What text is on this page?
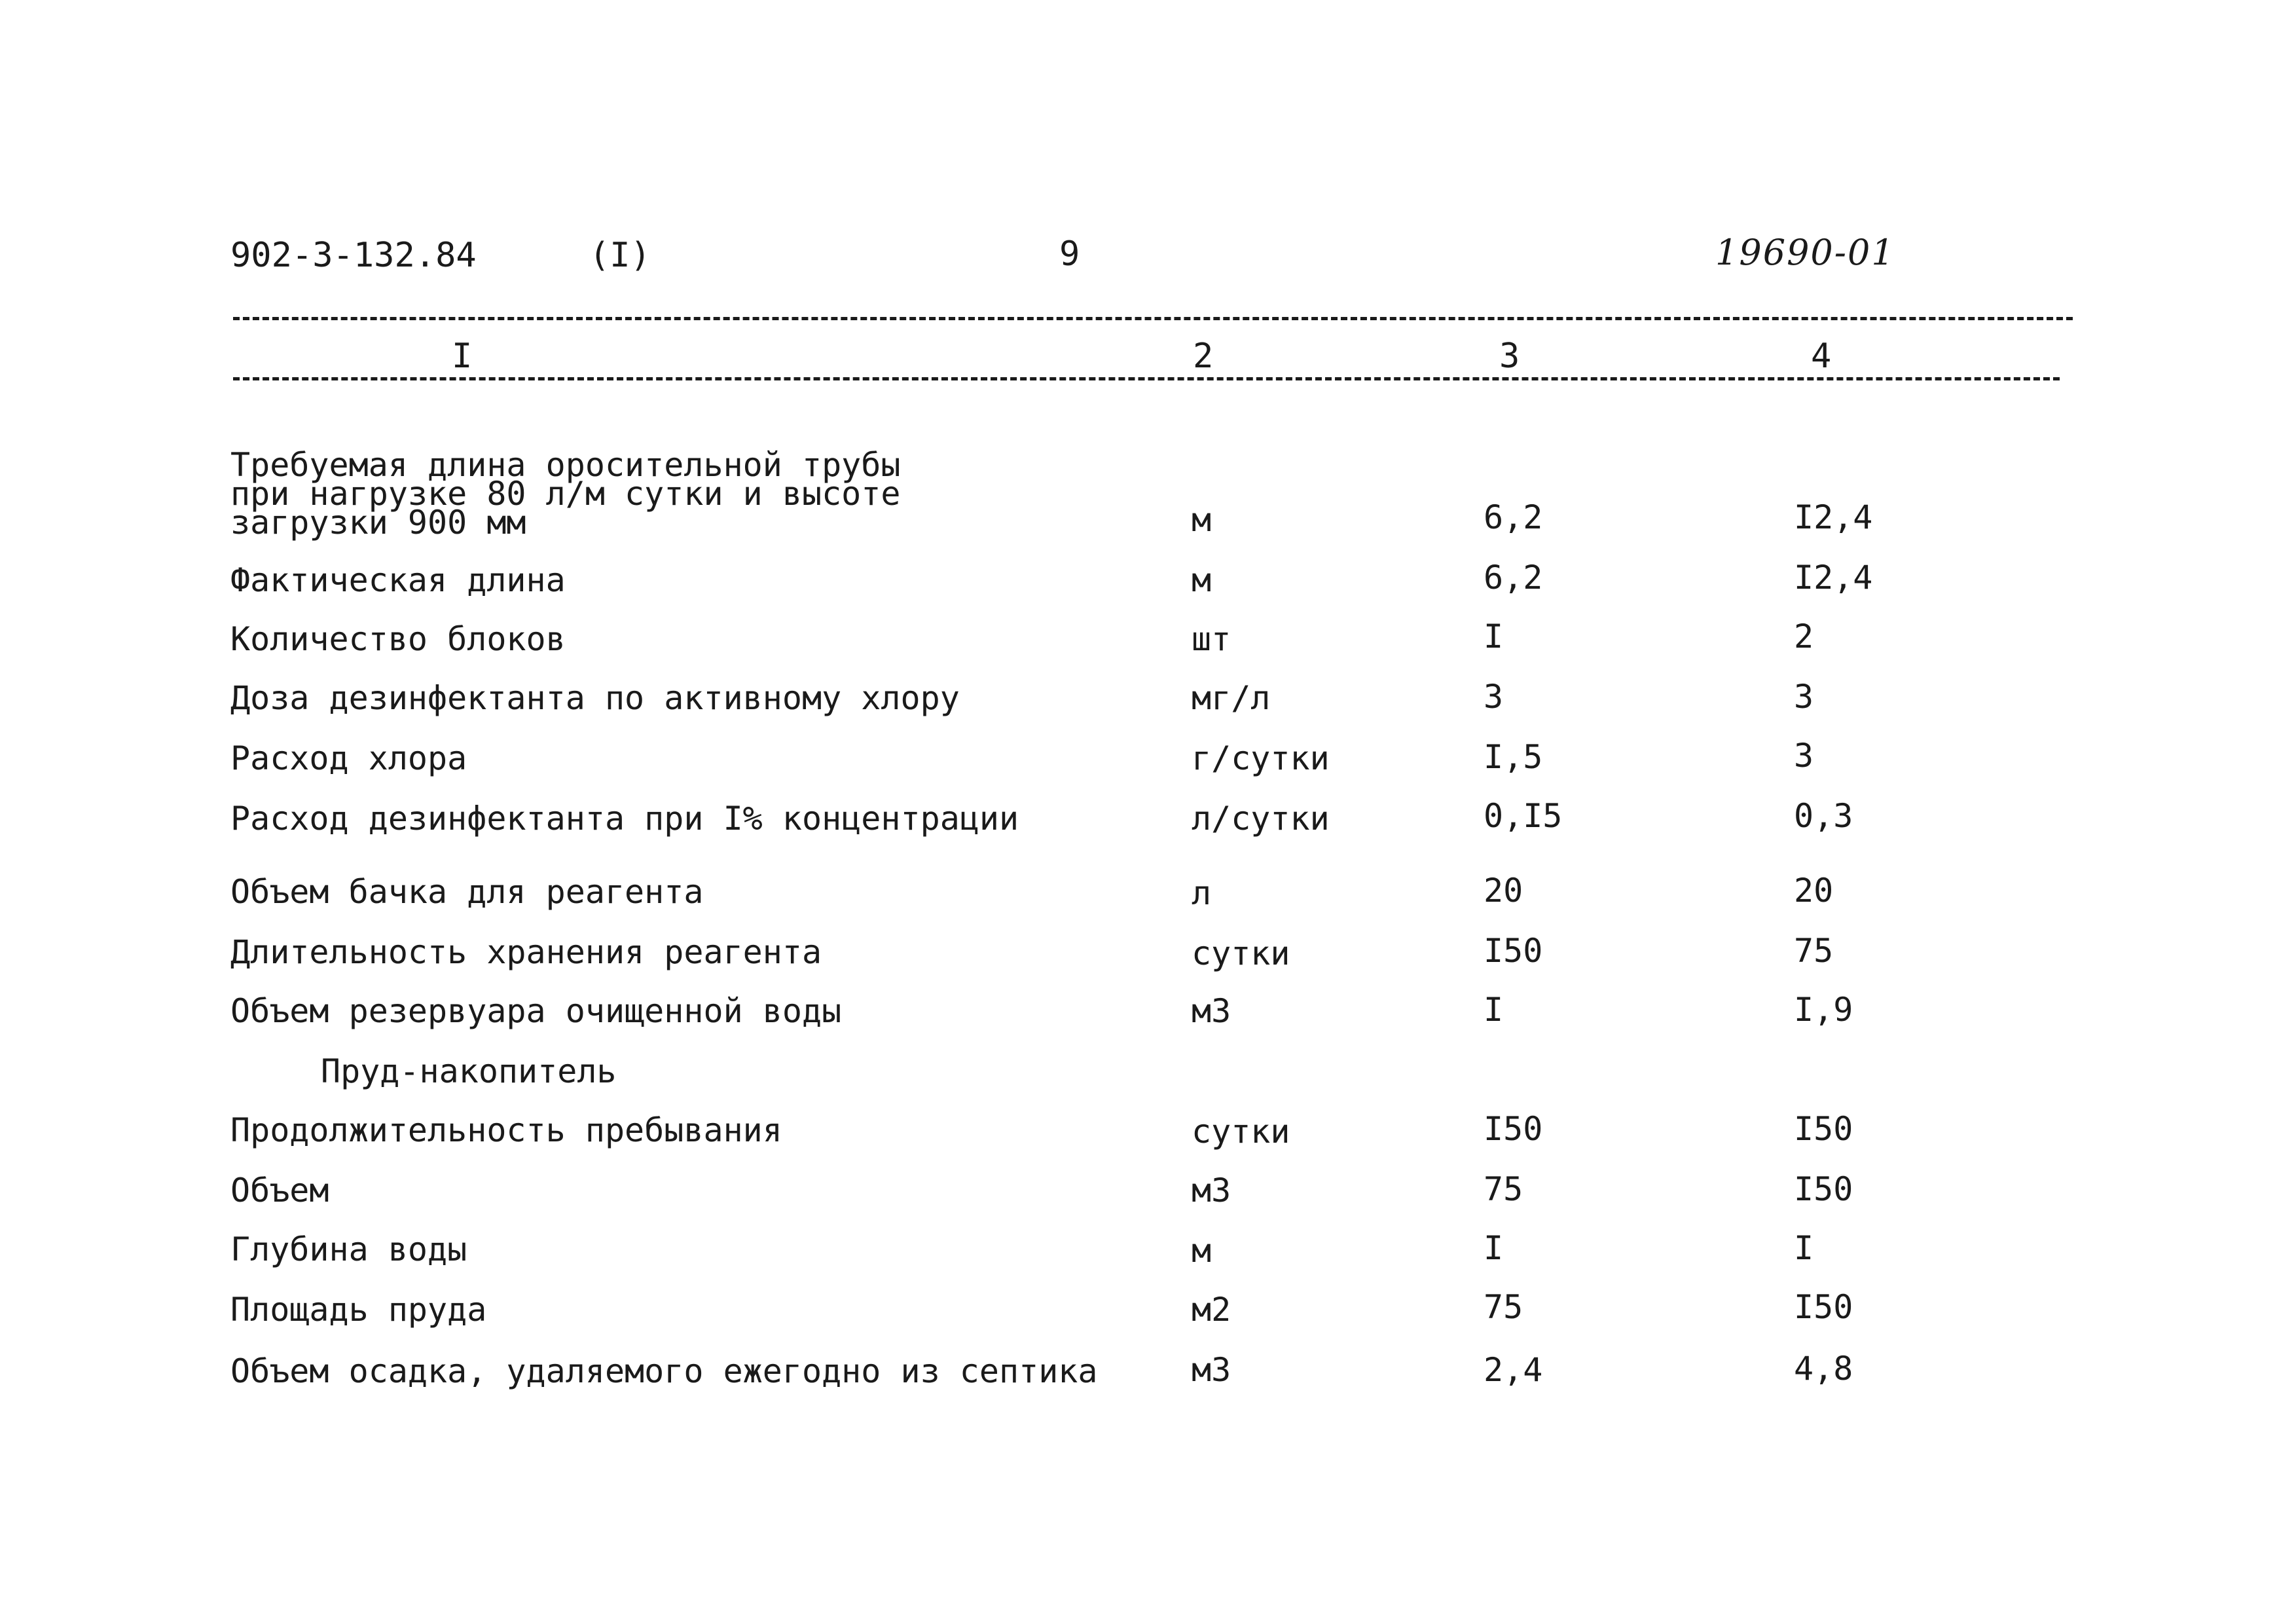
902-3-132.84	(I)	9	19690-01
I	2	3	4
Требуемая длина оросительной трубы
при нагрузке 80 л/м сутки и высоте
загрузки 900 мм	м	6,2	I2,4
Фактическая длина	м	6,2	I2,4
Количество блоков	шт	I	2
Доза дезинфектанта по активному хлору	мг/л	3	3
Расход хлора	г/сутки	I,5	3
Расход дезинфектанта при I% концентрации	л/сутки	0,I5	0,3
Объем бачка для реагента	л	20	20
Длительность хранения реагента	сутки	I50	75
Объем резервуара очищенной воды	м3	I	I,9
Пруд-накопитель
Продолжительность пребывания	сутки	I50	I50
Объем	м3	75	I50
Глубина воды	м	I	I
Площадь пруда	м2	75	I50
Объем осадка, удаляемого ежегодно из септика	м3	2,4	4,8
